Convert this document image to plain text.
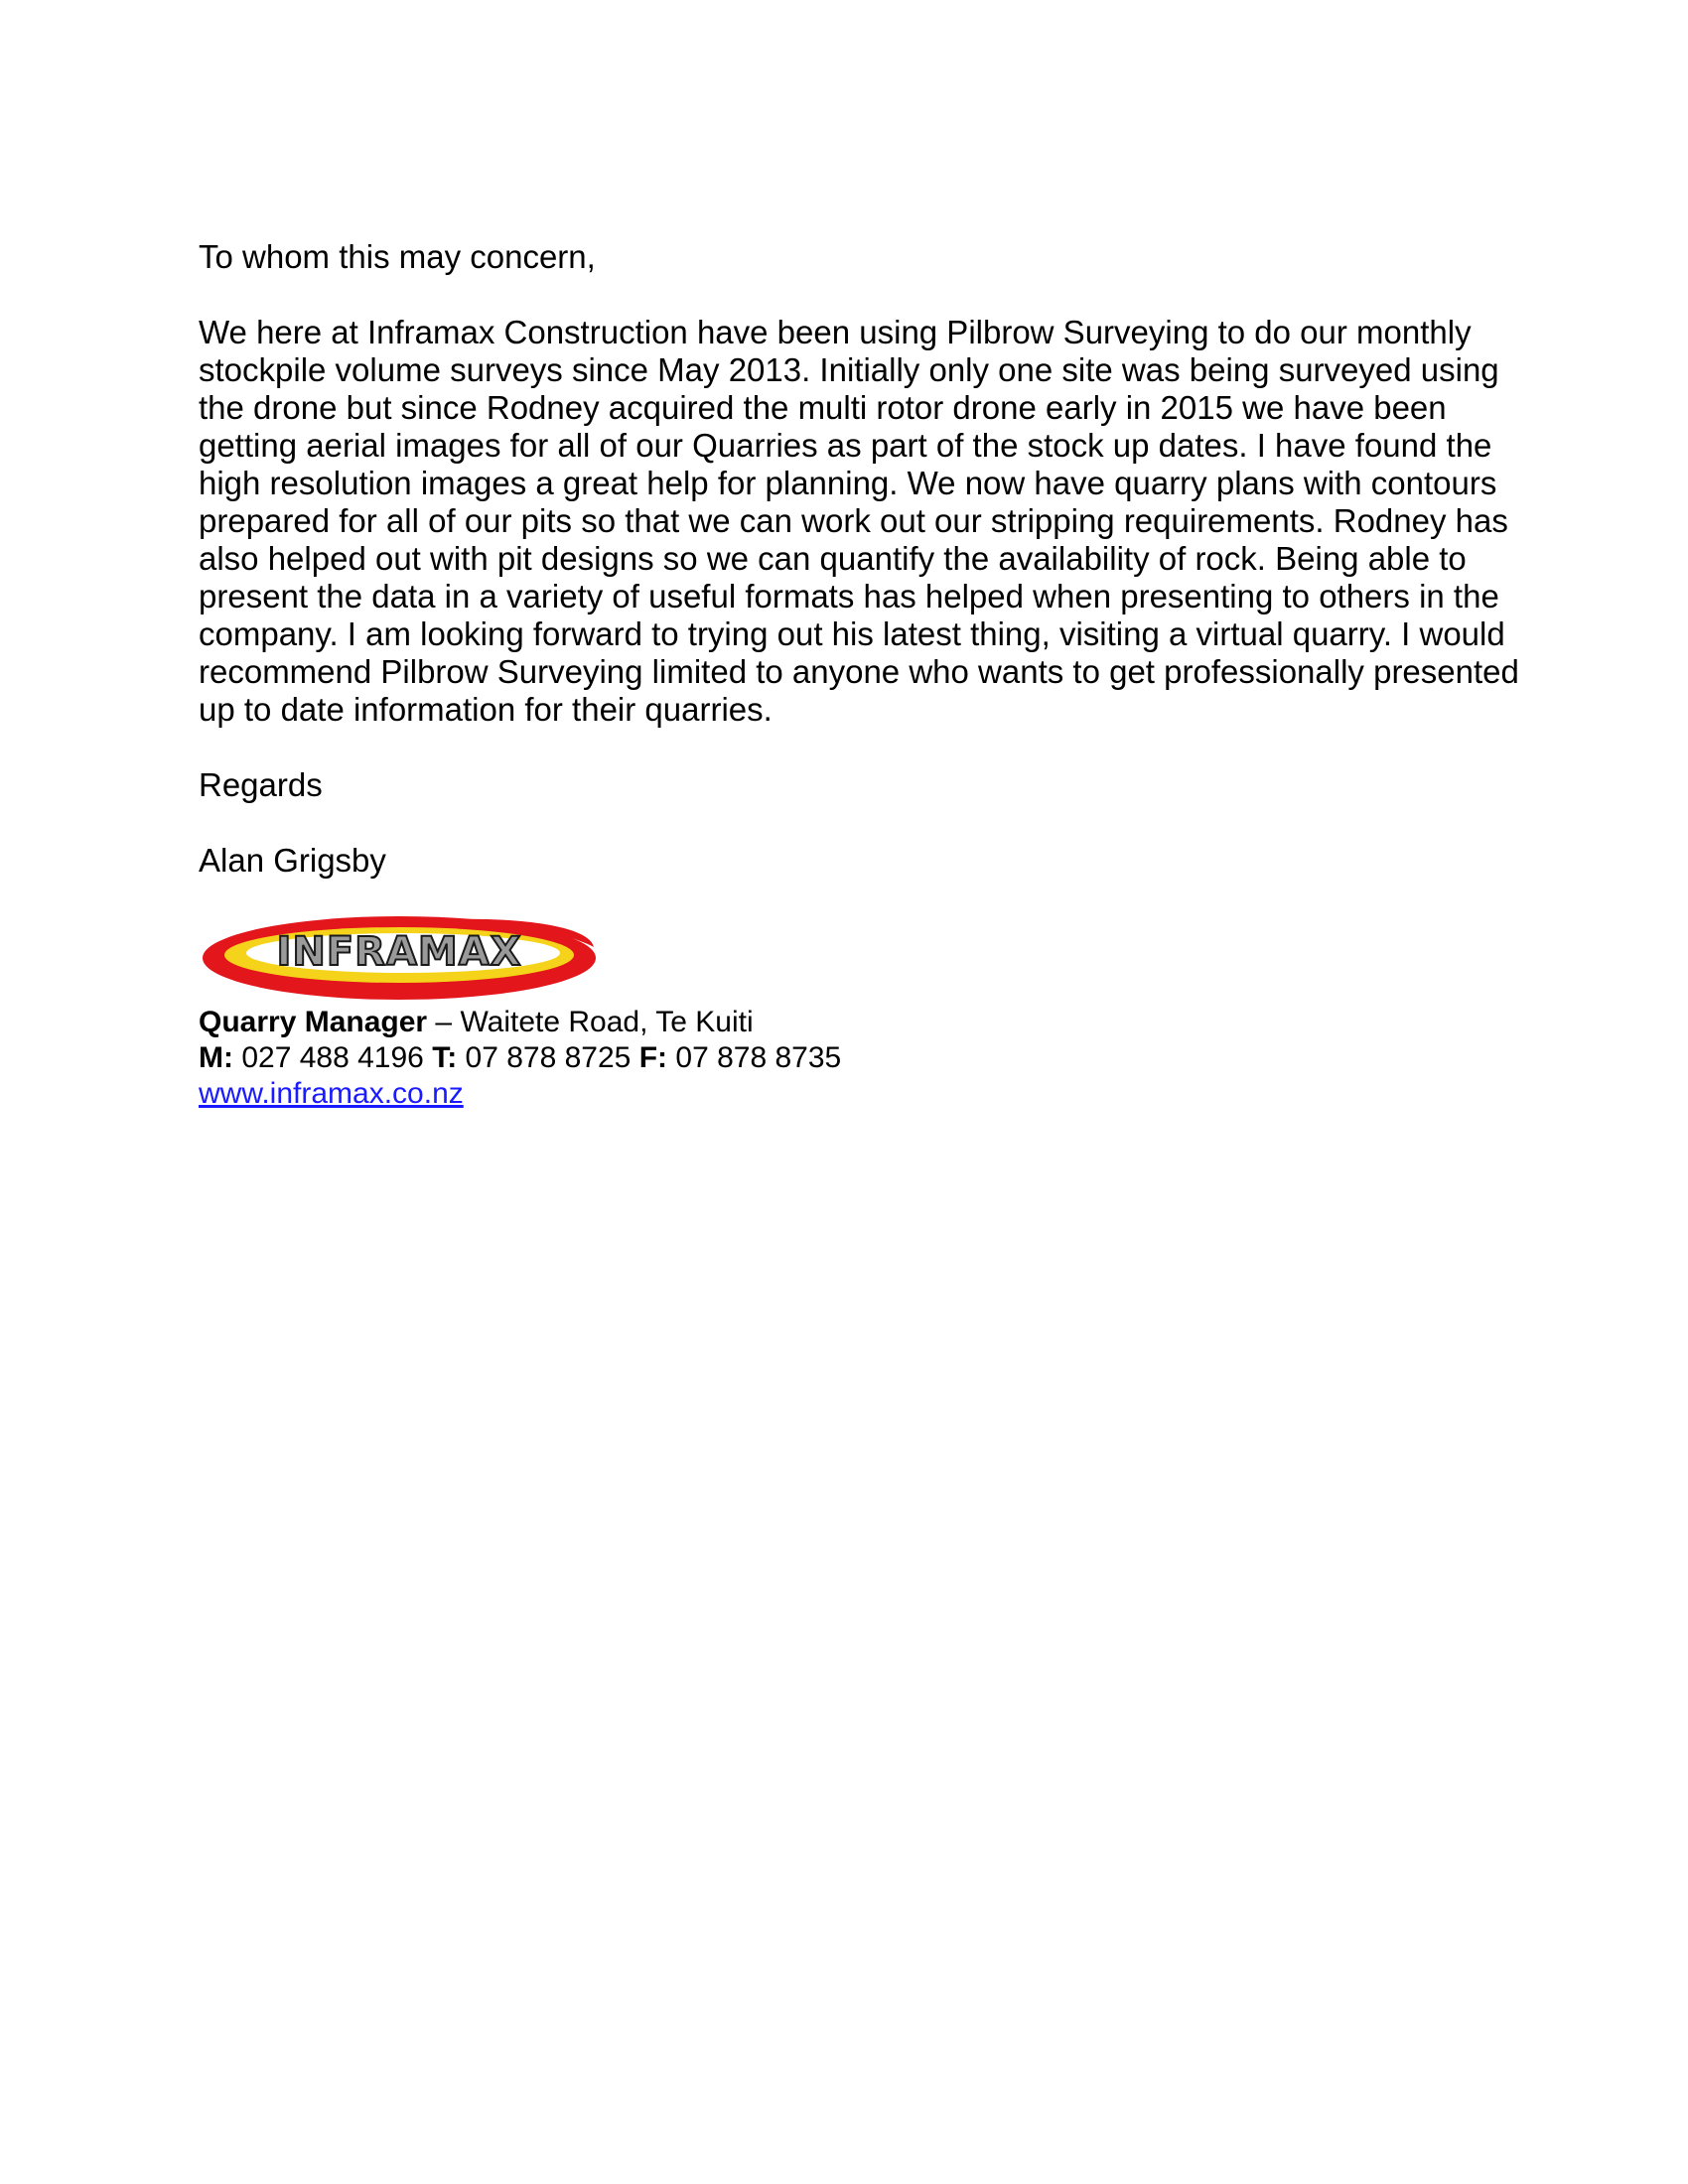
To whom this may concern,

We here at Inframax Construction have been using Pilbrow Surveying to do our monthly stockpile volume surveys since May 2013. Initially only one site was being surveyed using the drone but since Rodney acquired the multi rotor drone early in 2015 we have been getting aerial images for all of our Quarries as part of the stock up dates. I have found the high resolution images a great help for planning. We now have quarry plans with contours prepared for all of our pits so that we can work out our stripping requirements. Rodney has also helped out with pit designs so we can quantify the availability of rock. Being able to present the data in a variety of useful formats has helped when presenting to others in the company. I am looking forward to trying out his latest thing, visiting a virtual quarry. I would recommend Pilbrow Surveying limited to anyone who wants to get professionally presented up to date information for their quarries.

Regards

Alan Grigsby

INFRAMAX

Quarry Manager – Waitete Road, Te Kuiti

M: 027 488 4196 T: 07 878 8725 F: 07 878 8735

www.inframax.co.nz
